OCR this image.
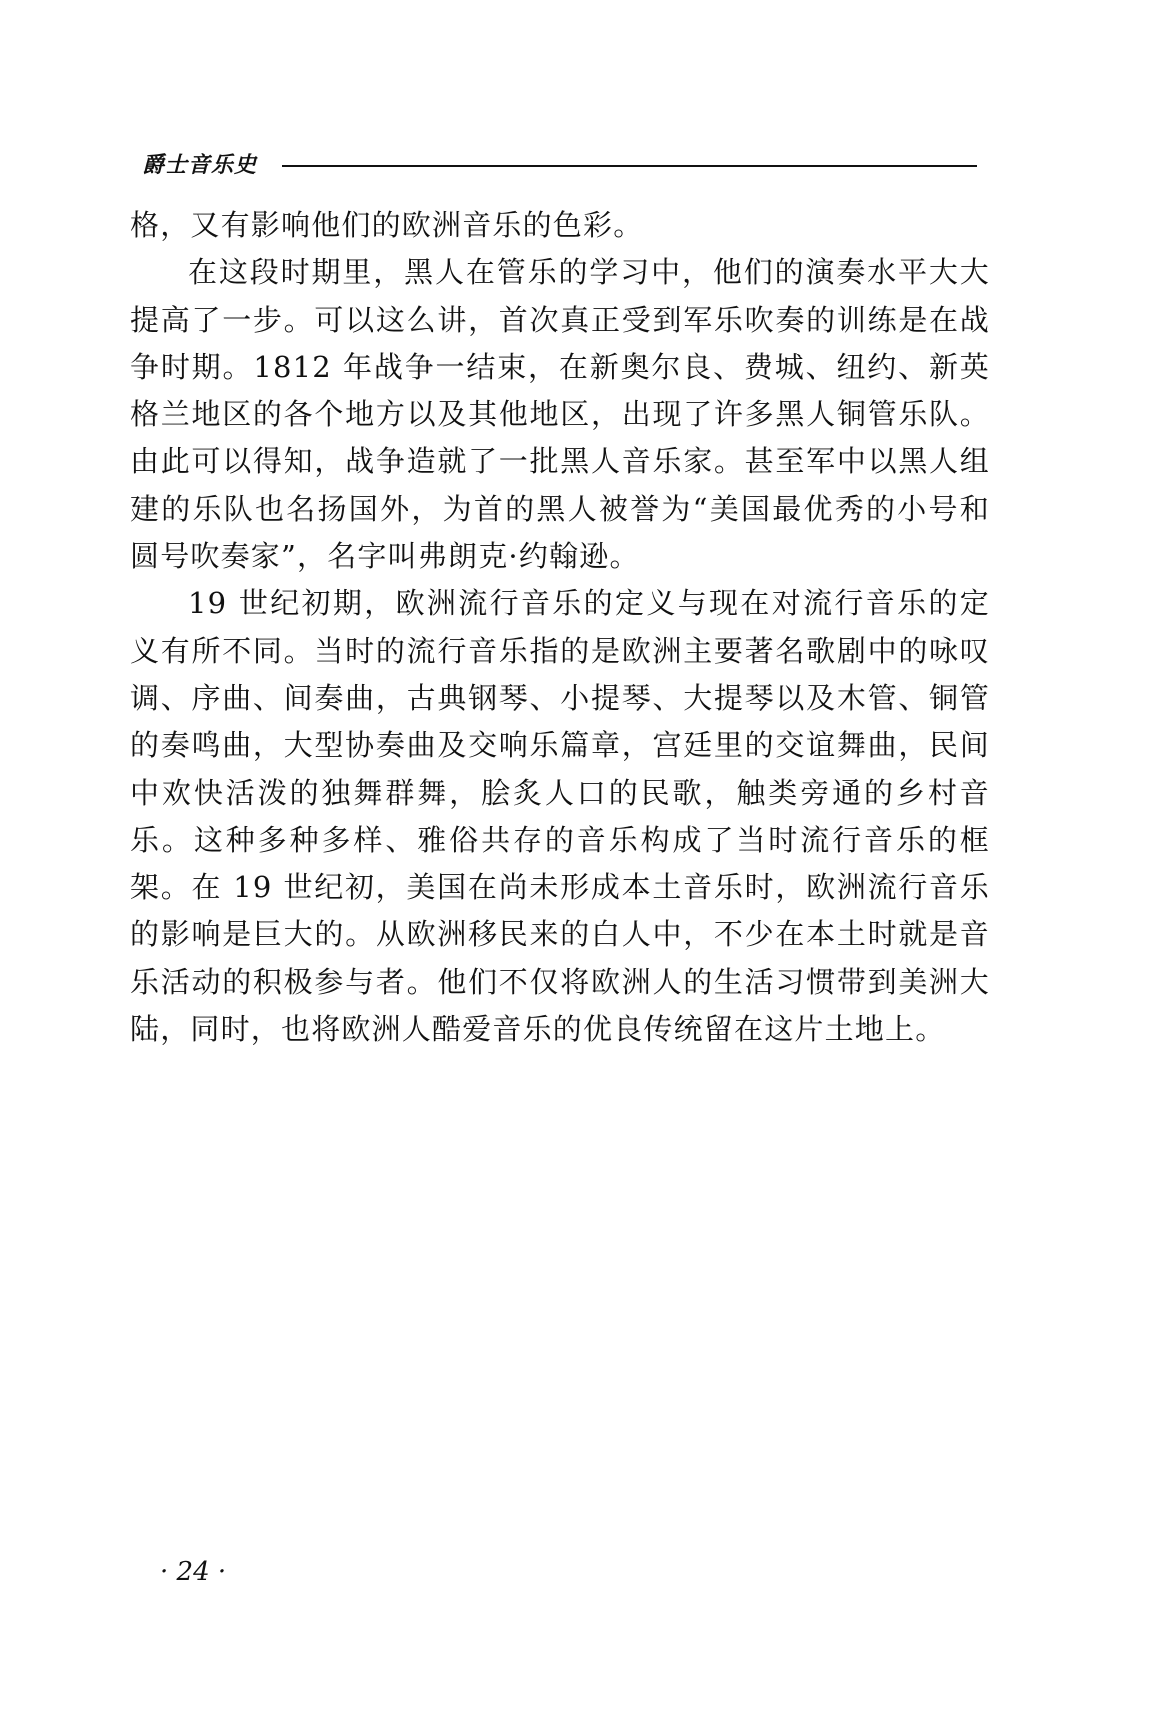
爵士音乐史

格，又有影响他们的欧洲音乐的色彩。

在这段时期里，黑人在管乐的学习中，他们的演奏水平大大提高了一步。可以这么讲，首次真正受到军乐吹奏的训练是在战争时期。1812 年战争一结束，在新奥尔良、费城、纽约、新英格兰地区的各个地方以及其他地区，出现了许多黑人铜管乐队。由此可以得知，战争造就了一批黑人音乐家。甚至军中以黑人组建的乐队也名扬国外，为首的黑人被誉为“美国最优秀的小号和圆号吹奏家”，名字叫弗朗克·约翰逊。

19 世纪初期，欧洲流行音乐的定义与现在对流行音乐的定义有所不同。当时的流行音乐指的是欧洲主要著名歌剧中的咏叹调、序曲、间奏曲，古典钢琴、小提琴、大提琴以及木管、铜管的奏鸣曲，大型协奏曲及交响乐篇章，宫廷里的交谊舞曲，民间中欢快活泼的独舞群舞，脍炙人口的民歌，触类旁通的乡村音乐。这种多种多样、雅俗共存的音乐构成了当时流行音乐的框架。在 19 世纪初，美国在尚未形成本土音乐时，欧洲流行音乐的影响是巨大的。从欧洲移民来的白人中，不少在本土时就是音乐活动的积极参与者。他们不仅将欧洲人的生活习惯带到美洲大陆，同时，也将欧洲人酷爱音乐的优良传统留在这片土地上。

· 24 ·
